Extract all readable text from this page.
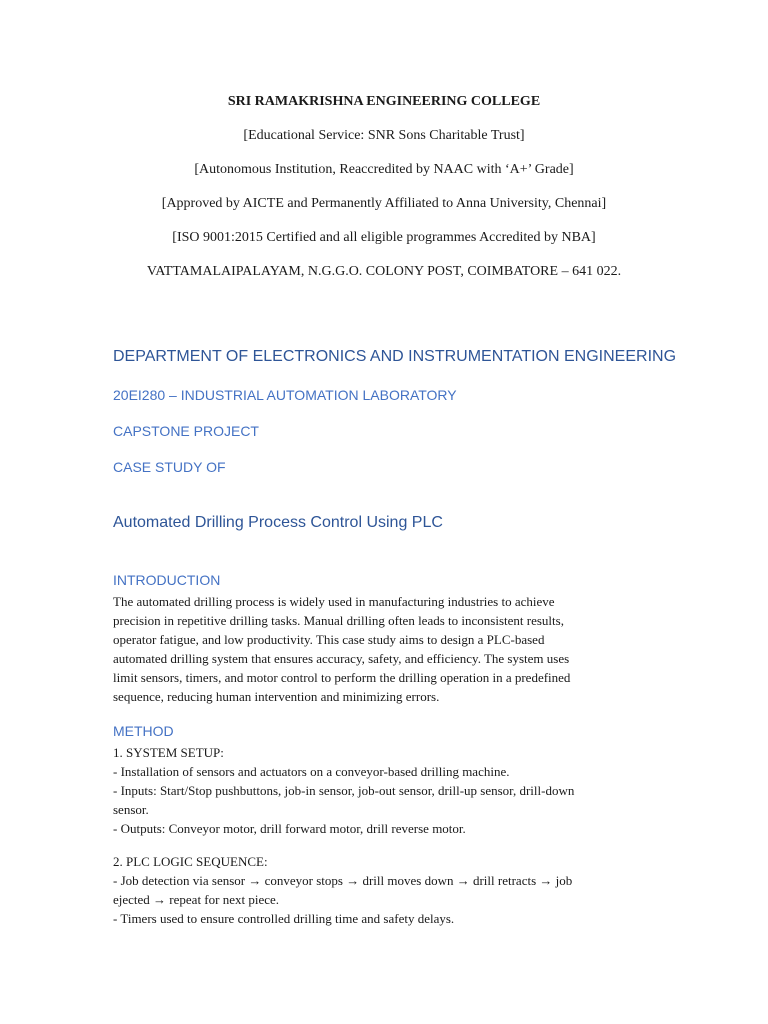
SRI RAMAKRISHNA ENGINEERING COLLEGE
[Educational Service: SNR Sons Charitable Trust]
[Autonomous Institution, Reaccredited by NAAC with ‘A+’ Grade]
[Approved by AICTE and Permanently Affiliated to Anna University, Chennai]
[ISO 9001:2015 Certified and all eligible programmes Accredited by NBA]
VATTAMALAIPALAYAM, N.G.G.O. COLONY POST, COIMBATORE – 641 022.
DEPARTMENT OF ELECTRONICS AND INSTRUMENTATION ENGINEERING
20EI280 – INDUSTRIAL AUTOMATION LABORATORY
CAPSTONE PROJECT
CASE STUDY OF
Automated Drilling Process Control Using PLC
INTRODUCTION
The automated drilling process is widely used in manufacturing industries to achieve
precision in repetitive drilling tasks. Manual drilling often leads to inconsistent results,
operator fatigue, and low productivity. This case study aims to design a PLC-based
automated drilling system that ensures accuracy, safety, and efficiency. The system uses
limit sensors, timers, and motor control to perform the drilling operation in a predefined
sequence, reducing human intervention and minimizing errors.
METHOD
1. SYSTEM SETUP:
- Installation of sensors and actuators on a conveyor-based drilling machine.
- Inputs: Start/Stop pushbuttons, job-in sensor, job-out sensor, drill-up sensor, drill-down
sensor.
- Outputs: Conveyor motor, drill forward motor, drill reverse motor.
2. PLC LOGIC SEQUENCE:
- Job detection via sensor → conveyor stops → drill moves down → drill retracts → job
ejected → repeat for next piece.
- Timers used to ensure controlled drilling time and safety delays.
